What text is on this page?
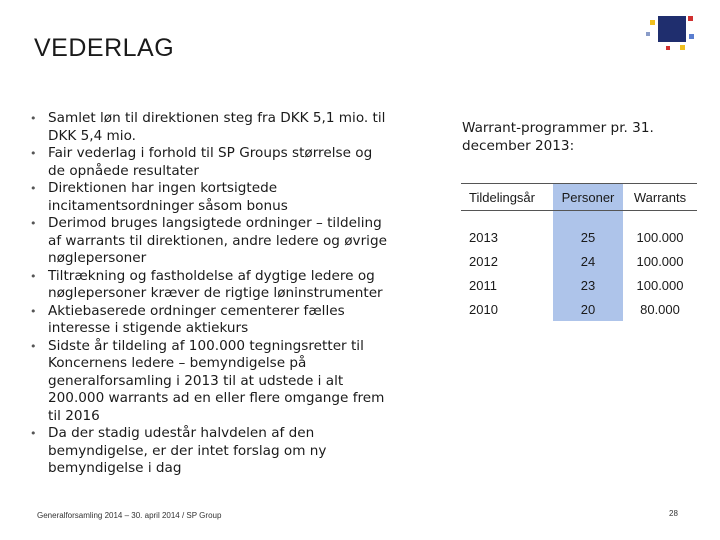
VEDERLAG
• Samlet løn til direktionen steg fra DKK 5,1 mio. til DKK 5,4 mio.
• Fair vederlag i forhold til SP Groups størrelse og de opnåede resultater
• Direktionen har ingen kortsigtede incitamentsordninger såsom bonus
• Derimod bruges langsigtede ordninger – tildeling af warrants til direktionen, andre ledere og øvrige nøglepersoner
• Tiltrækning og fastholdelse af dygtige ledere og nøglepersoner kræver de rigtige løninstrumenter
• Aktiebaserede ordninger cementerer fælles interesse i stigende aktiekurs
• Sidste år tildeling af 100.000 tegningsretter til Koncernens ledere – bemyndigelse på generalforsamling i 2013 til at udstede i alt 200.000 warrants ad en eller flere omgange frem til 2016
• Da der stadig udestår halvdelen af den bemyndigelse, er der intet forslag om ny bemyndigelse i dag
Warrant-programmer pr. 31. december 2013:
Tildelingsår	Personer	Warrants

2013	25	100.000
2012	24	100.000
2011	23	100.000
2010	20	80.000
Generalforsamling 2014 – 30. april 2014 / SP Group	28
